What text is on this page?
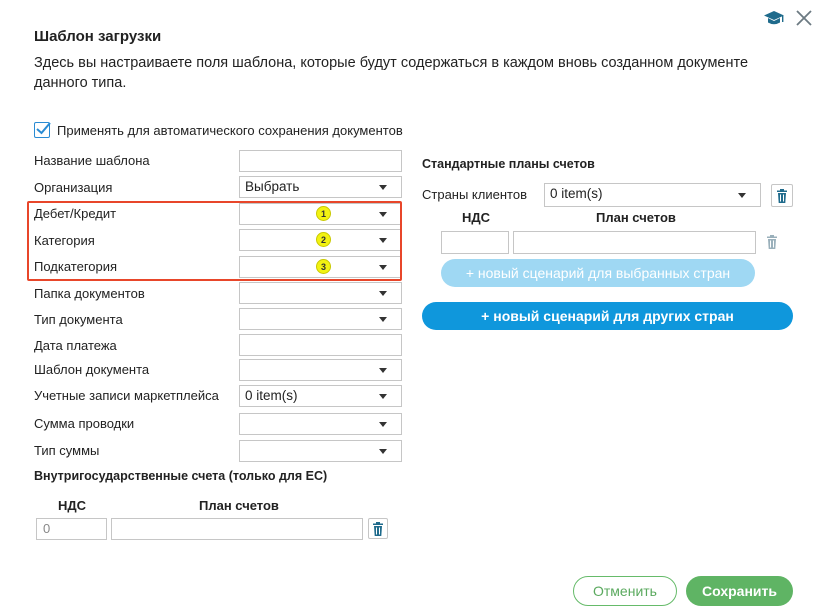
Шаблон загрузки
Здесь вы настраиваете поля шаблона, которые будут содержаться в каждом вновь созданном документе данного типа.
Применять для автоматического сохранения документов
Название шаблона
Организация	Выбрать
Дебет/Кредит	1
Категория	2
Подкатегория	3
Папка документов
Тип документа
Дата платежа
Шаблон документа
Учетные записи маркетплейса	0 item(s)
Сумма проводки
Тип суммы
Внутригосударственные счета (только для ЕС)
НДС	План счетов
0
Стандартные планы счетов
Страны клиентов	0 item(s)
НДС	План счетов
+ новый сценарий для выбранных стран
+ новый сценарий для других стран
Отменить	Сохранить
